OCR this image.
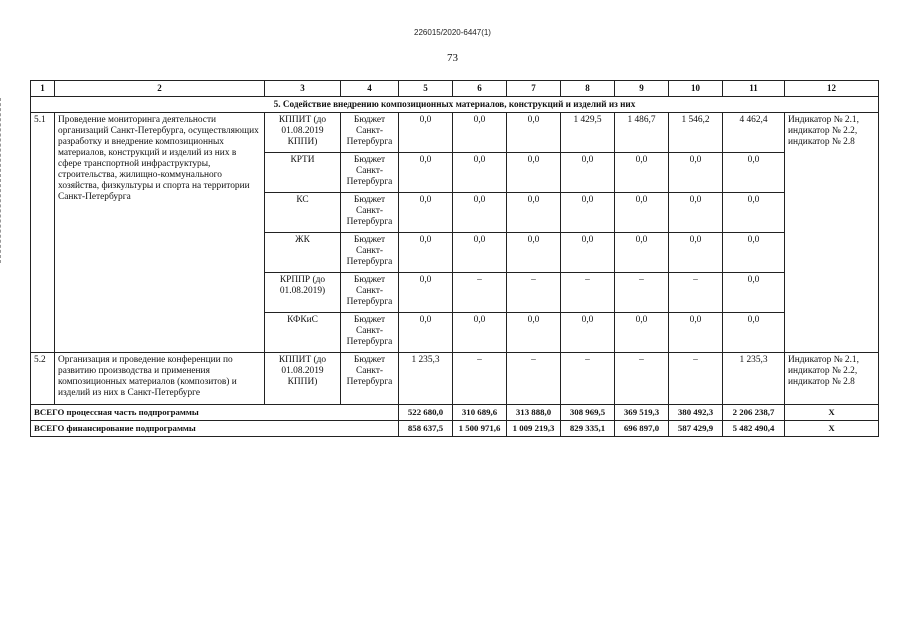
226015/2020-6447(1)
73
1	2	3	4	5	6	7	8	9	10	11	12
5. Содействие внедрению композиционных материалов, конструкций и изделий из них											
5.1	Проведение мониторинга деятельности организаций Санкт-Петербурга, осуществляющих разработку и внедрение композиционных материалов, конструкций и изделий из них в сфере транспортной инфраструктуры, строительства, жилищно-коммунального хозяйства, физкультуры и спорта на территории Санкт-Петербурга	КППИТ (до 01.08.2019 КППИ)	Бюджет Санкт-Петербурга	0,0	0,0	0,0	1 429,5	1 486,7	1 546,2	4 462,4	Индикатор № 2.1, индикатор № 2.2, индикатор № 2.8
		КРТИ	Бюджет Санкт-Петербурга	0,0	0,0	0,0	0,0	0,0	0,0	0,0	
		КС	Бюджет Санкт-Петербурга	0,0	0,0	0,0	0,0	0,0	0,0	0,0	
		ЖК	Бюджет Санкт-Петербурга	0,0	0,0	0,0	0,0	0,0	0,0	0,0	
		КРППР (до 01.08.2019)	Бюджет Санкт-Петербурга	0,0	–	–	–	–	–	0,0	
		КФКиС	Бюджет Санкт-Петербурга	0,0	0,0	0,0	0,0	0,0	0,0	0,0	
5.2	Организация и проведение конференции по развитию производства и применения композиционных материалов (композитов) и изделий из них в Санкт-Петербурге	КППИТ (до 01.08.2019 КППИ)	Бюджет Санкт-Петербурга	1 235,3	–	–	–	–	–	1 235,3	Индикатор № 2.1, индикатор № 2.2, индикатор № 2.8
ВСЕГО процессная часть подпрограммы				522 680,0	310 689,6	313 888,0	308 969,5	369 519,3	380 492,3	2 206 238,7	X
ВСЕГО финансирование подпрограммы				858 637,5	1 500 971,6	1 009 219,3	829 335,1	696 897,0	587 429,9	5 482 490,4	X
